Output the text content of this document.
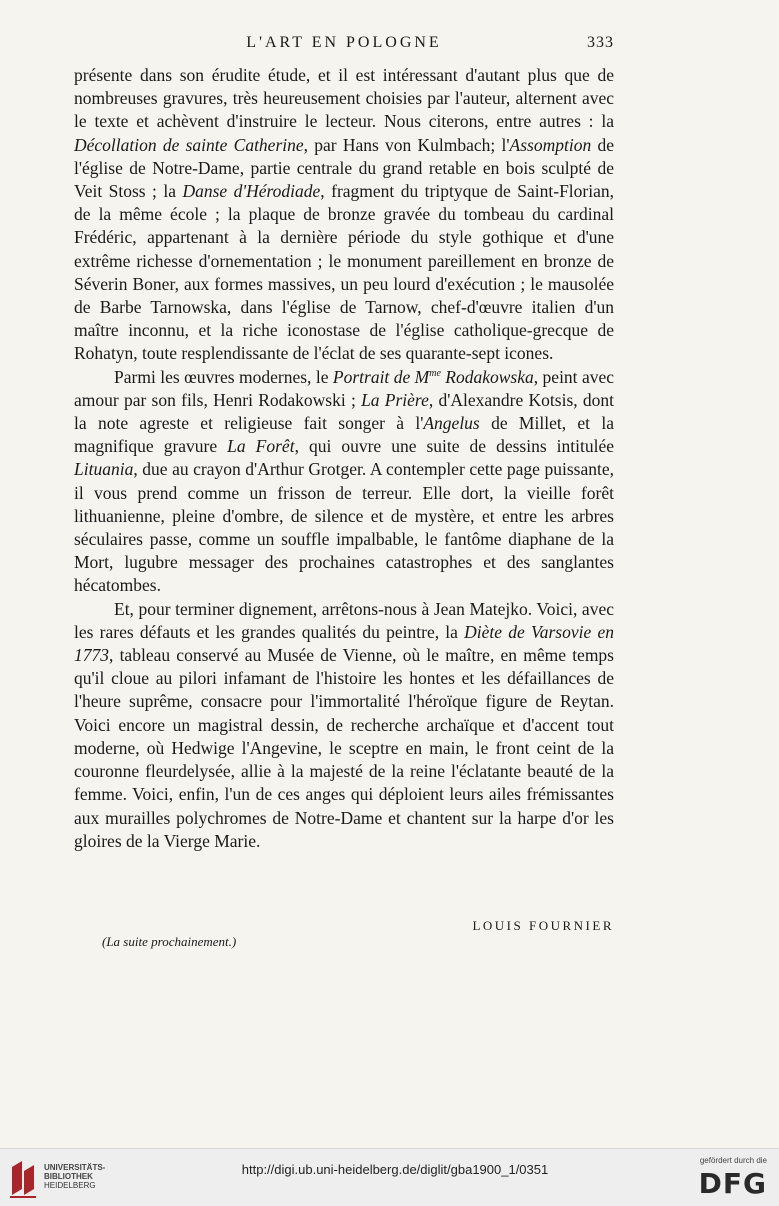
L'ART EN POLOGNE	333

présente dans son érudite étude, et il est intéressant d'autant plus que de nombreuses gravures, très heureusement choisies par l'auteur, alternent avec le texte et achèvent d'instruire le lecteur. Nous citerons, entre autres : la Décollation de sainte Catherine, par Hans von Kulmbach; l'Assomption de l'église de Notre-Dame, partie centrale du grand retable en bois sculpté de Veit Stoss ; la Danse d'Hérodiade, fragment du triptyque de Saint-Florian, de la même école ; la plaque de bronze gravée du tombeau du cardinal Frédéric, appartenant à la dernière période du style gothique et d'une extrême richesse d'ornementation ; le monument pareillement en bronze de Séverin Boner, aux formes massives, un peu lourd d'exécution ; le mausolée de Barbe Tarnowska, dans l'église de Tarnow, chef-d'œuvre italien d'un maître inconnu, et la riche iconostase de l'église catholique-grecque de Rohatyn, toute resplendissante de l'éclat de ses quarante-sept icones.

Parmi les œuvres modernes, le Portrait de $M^{me}$ Rodakowska, peint avec amour par son fils, Henri Rodakowski ; La Prière, d'Alexandre Kotsis, dont la note agreste et religieuse fait songer à l'Angelus de Millet, et la magnifique gravure La Forêt, qui ouvre une suite de dessins intitulée Lituania, due au crayon d'Arthur Grotger. A contempler cette page puissante, il vous prend comme un frisson de terreur. Elle dort, la vieille forêt lithuanienne, pleine d'ombre, de silence et de mystère, et entre les arbres séculaires passe, comme un souffle impalbable, le fantôme diaphane de la Mort, lugubre messager des prochaines catastrophes et des sanglantes hécatombes.

Et, pour terminer dignement, arrêtons-nous à Jean Matejko. Voici, avec les rares défauts et les grandes qualités du peintre, la Diète de Varsovie en 1773, tableau conservé au Musée de Vienne, où le maître, en même temps qu'il cloue au pilori infamant de l'histoire les hontes et les défaillances de l'heure suprême, consacre pour l'immortalité l'héroïque figure de Reytan. Voici encore un magistral dessin, de recherche archaïque et d'accent tout moderne, où Hedwige l'Angevine, le sceptre en main, le front ceint de la couronne fleurdelysée, allie à la majesté de la reine l'éclatante beauté de la femme. Voici, enfin, l'un de ces anges qui déploient leurs ailes frémissantes aux murailles polychromes de Notre-Dame et chantent sur la harpe d'or les gloires de la Vierge Marie.

LOUIS FOURNIER
(La suite prochainement.)
UNIVERSITÄTS-
BIBLIOTHEK
HEIDELBERG
http://digi.ub.uni-heidelberg.de/diglit/gba1900_1/0351
gefördert durch die
DFG
